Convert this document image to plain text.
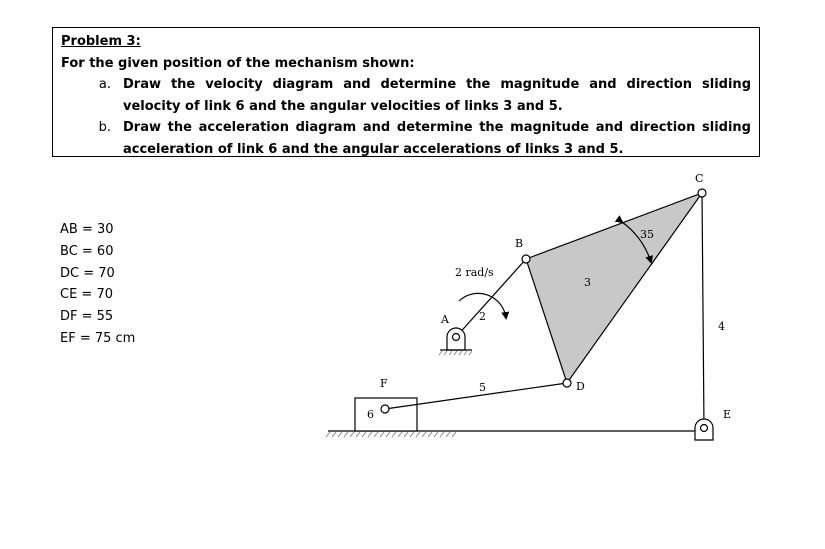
Problem 3:
For the given position of the mechanism shown:
a. Draw the velocity diagram and determine the magnitude and direction sliding velocity of link 6 and the angular velocities of links 3 and 5.
b. Draw the acceleration diagram and determine the magnitude and direction sliding acceleration of link 6 and the angular accelerations of links 3 and 5.
AB = 30
BC = 60
DC = 70
CE = 70
DF = 55
EF = 75 cm
A
B
C
D
E
F
2
3
4
5
6
2 rad/s
35
